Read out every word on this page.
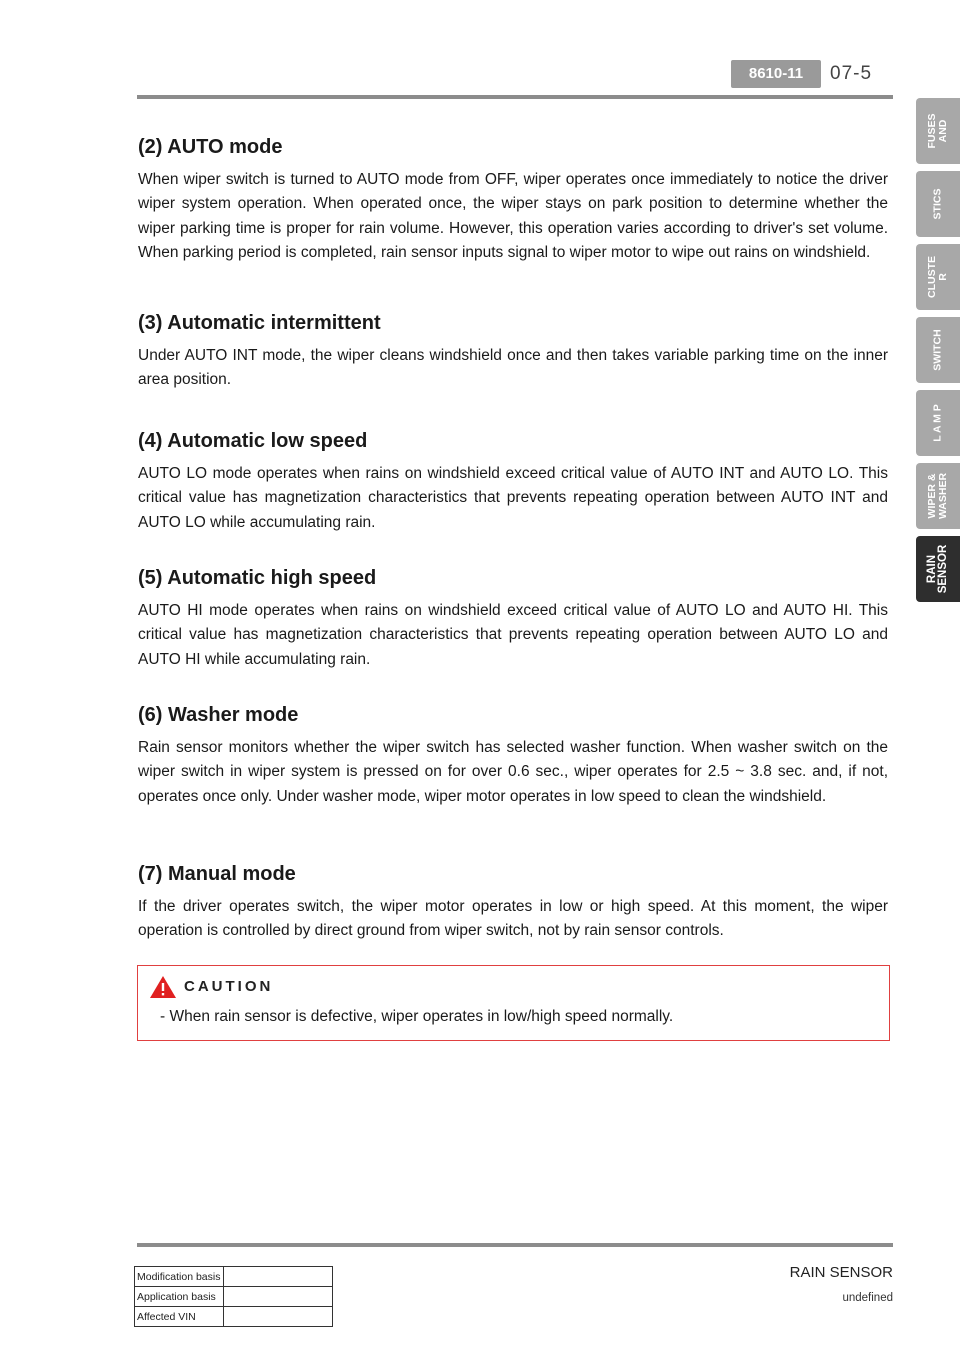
8610-11	07-5
FUSES
AND
STICS
CLUSTE
R
SWITCH
L A M P
WIPER &
WASHER
RAIN
SENSOR
(2) AUTO mode

When wiper switch is turned to AUTO mode from OFF, wiper operates once immediately to notice the driver wiper system operation. When operated once, the wiper stays on park position to determine whether the wiper parking time is proper for rain volume. However, this operation varies according to driver's set volume. When parking period is completed, rain sensor inputs signal to wiper motor to wipe out rains on windshield.

(3) Automatic intermittent

Under AUTO INT mode, the wiper cleans windshield once and then takes variable parking time on the inner area position.

(4) Automatic low speed

AUTO LO mode operates when rains on windshield exceed critical value of AUTO INT and AUTO LO. This critical value has magnetization characteristics that prevents repeating operation between AUTO INT and AUTO LO while accumulating rain.

(5) Automatic high speed

AUTO HI mode operates when rains on windshield exceed critical value of AUTO LO and AUTO HI. This critical value has magnetization characteristics that prevents repeating operation between AUTO LO and AUTO HI while accumulating rain.

(6) Washer mode

Rain sensor monitors whether the wiper switch has selected washer function. When washer switch on the wiper switch in wiper system is pressed on for over 0.6 sec., wiper operates for 2.5 ~ 3.8 sec. and, if not, operates once only. Under washer mode, wiper motor operates in low speed to clean the windshield.

(7) Manual mode

If the driver operates switch, the wiper motor operates in low or high speed. At this moment, the wiper operation is controlled by direct ground from wiper switch, not by rain sensor controls.

CAUTION
- When rain sensor is defective, wiper operates in low/high speed normally.
RAIN SENSOR
undefined
Modification basis	
Application basis	
Affected VIN	
